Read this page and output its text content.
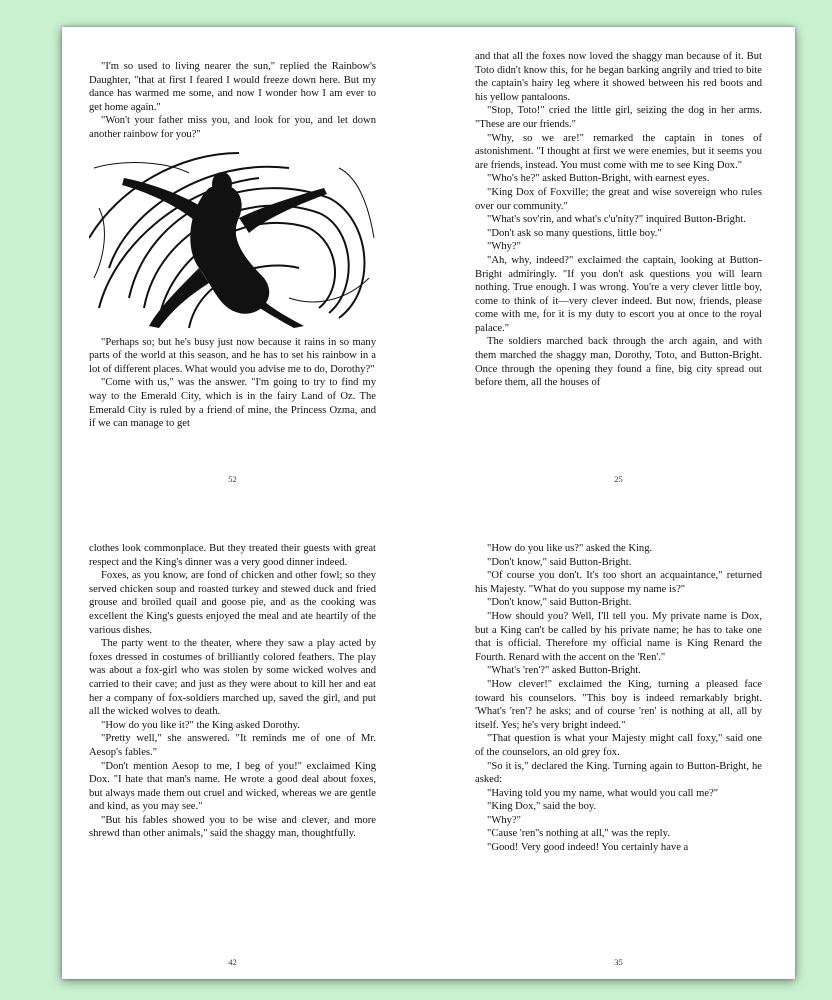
"I'm so used to living nearer the sun," replied the Rainbow's Daughter, "that at first I feared I would freeze down here. But my dance has warmed me some, and now I wonder how I am ever to get home again."

"Won't your father miss you, and look for you, and let down another rainbow for you?"

"Perhaps so; but he's busy just now because it rains in so many parts of the world at this season, and he has to set his rainbow in a lot of different places. What would you advise me to do, Dorothy?"

"Come with us," was the answer. "I'm going to try to find my way to the Emerald City, which is in the fairy Land of Oz. The Emerald City is ruled by a friend of mine, the Princess Ozma, and if we can manage to get

52

and that all the foxes now loved the shaggy man because of it. But Toto didn't know this, for he began barking angrily and tried to bite the captain's hairy leg where it showed between his red boots and his yellow pantaloons.

"Stop, Toto!" cried the little girl, seizing the dog in her arms. "These are our friends."

"Why, so we are!" remarked the captain in tones of astonishment. "I thought at first we were enemies, but it seems you are friends, instead. You must come with me to see King Dox."

"Who's he?" asked Button-Bright, with earnest eyes.

"King Dox of Foxville; the great and wise sovereign who rules over our community."

"What's sov'rin, and what's c'u'nity?" inquired Button-Bright.

"Don't ask so many questions, little boy."

"Why?"

"Ah, why, indeed?" exclaimed the captain, looking at Button-Bright admiringly. "If you don't ask questions you will learn nothing. True enough. I was wrong. You're a very clever little boy, come to think of it—very clever indeed. But now, friends, please come with me, for it is my duty to escort you at once to the royal palace."

The soldiers marched back through the arch again, and with them marched the shaggy man, Dorothy, Toto, and Button-Bright. Once through the opening they found a fine, big city spread out before them, all the houses of

25

clothes look commonplace. But they treated their guests with great respect and the King's dinner was a very good dinner indeed.

Foxes, as you know, are fond of chicken and other fowl; so they served chicken soup and roasted turkey and stewed duck and fried grouse and broiled quail and goose pie, and as the cooking was excellent the King's guests enjoyed the meal and ate heartily of the various dishes.

The party went to the theater, where they saw a play acted by foxes dressed in costumes of brilliantly colored feathers. The play was about a fox-girl who was stolen by some wicked wolves and carried to their cave; and just as they were about to kill her and eat her a company of fox-soldiers marched up, saved the girl, and put all the wicked wolves to death.

"How do you like it?" the King asked Dorothy.

"Pretty well," she answered. "It reminds me of one of Mr. Aesop's fables."

"Don't mention Aesop to me, I beg of you!" exclaimed King Dox. "I hate that man's name. He wrote a good deal about foxes, but always made them out cruel and wicked, whereas we are gentle and kind, as you may see."

"But his fables showed you to be wise and clever, and more shrewd than other animals," said the shaggy man, thoughtfully.

42

"How do you like us?" asked the King.

"Don't know," said Button-Bright.

"Of course you don't. It's too short an acquaintance," returned his Majesty. "What do you suppose my name is?"

"Don't know," said Button-Bright.

"How should you? Well, I'll tell you. My private name is Dox, but a King can't be called by his private name; he has to take one that is official. Therefore my official name is King Renard the Fourth. Renard with the accent on the 'Ren'."

"What's 'ren'?" asked Button-Bright.

"How clever!" exclaimed the King, turning a pleased face toward his counselors. "This boy is indeed remarkably bright. 'What's 'ren'? he asks; and of course 'ren' is nothing at all, all by itself. Yes; he's very bright indeed."

"That question is what your Majesty might call foxy," said one of the counselors, an old grey fox.

"So it is," declared the King. Turning again to Button-Bright, he asked:

"Having told you my name, what would you call me?"

"King Dox," said the boy.

"Why?"

"Cause 'ren''s nothing at all," was the reply.

"Good! Very good indeed! You certainly have a

35
